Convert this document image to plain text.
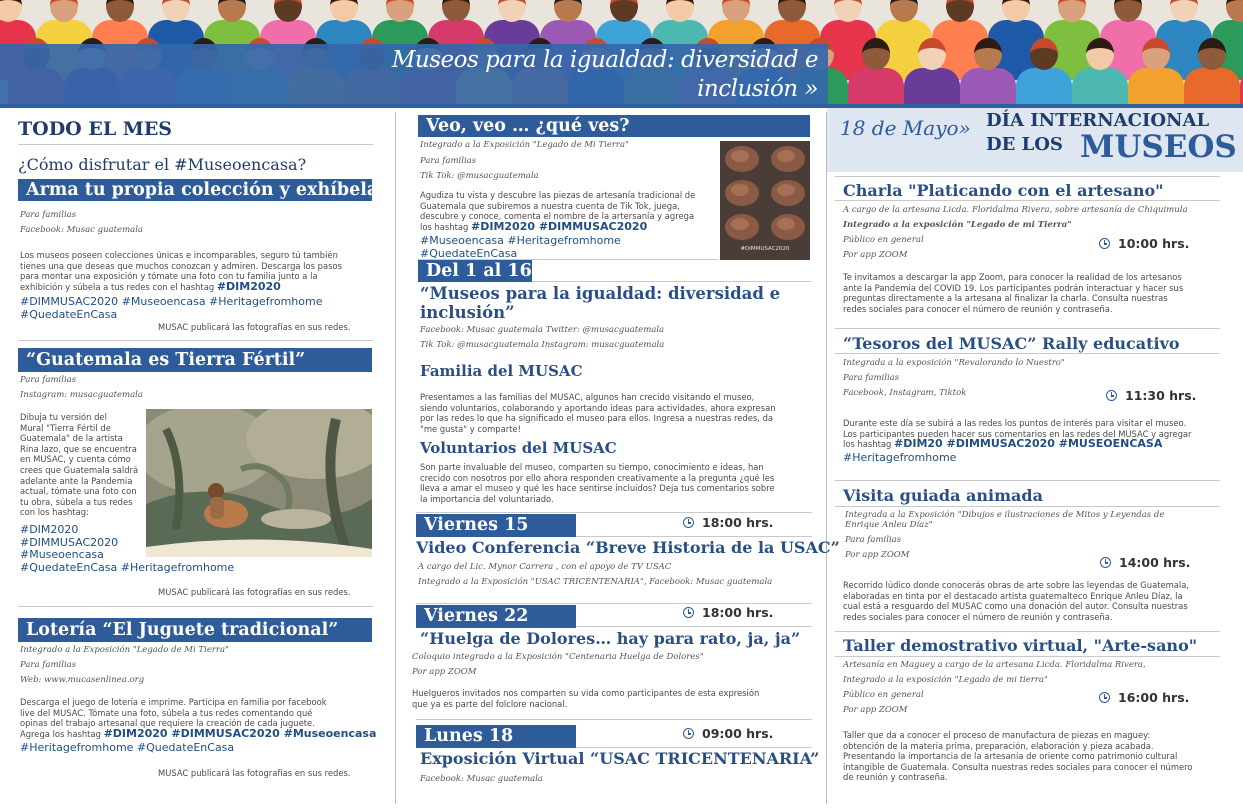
Museos para la igualdad: diversidad e
inclusión »
TODO EL MES
¿Cómo disfrutar el #Museoencasa?
Arma tu propia colección y exhíbela!
Para familias
Facebook: Musac guatemala
Los museos poseen colecciones únicas e incomparables, seguro tú también
tienes una que deseas que muchos conozcan y admiren. Descarga los pasos
para montar una exposición y tómate una foto con tu familia junto a la
exhibición y súbela a tus redes con el hashtag #DIM2020
#DIMMUSAC2020 #Museoencasa #Heritagefromhome
#QuedateEnCasa
MUSAC publicará las fotografías en sus redes.
“Guatemala es Tierra Fértil”
Para familias
Instagram: musacguatemala
Dibuja tu versión del
Mural "Tierra Fértil de
Guatemala" de la artista
Rina lazo, que se encuentra
en MUSAC, y cuenta cómo
crees que Guatemala saldrá
adelante ante la Pandemia
actual, tómate una foto con
tu obra, súbela a tus redes
con los hashtag:
#DIM2020
#DIMMUSAC2020
#Museoencasa
#QuedateEnCasa #Heritagefromhome
MUSAC publicará las fotografías en sus redes.
Lotería “El Juguete tradicional”
Integrado a la Exposición "Legado de Mi Tierra"
Para familias
Web: www.mucasenlinea.org
Descarga el juego de lotería e imprime. Participa en familia por facebook
live del MUSAC. Tómate una foto, súbela a tus redes comentando qué
opinas del trabajo artesanal que requiere la creación de cada juguete.
Agrega los hashtag #DIM2020 #DIMMUSAC2020 #Museoencasa
#Heritagefromhome #QuedateEnCasa
MUSAC publicará las fotografías en sus redes.
Veo, veo … ¿qué ves?
Integrado a la Exposición "Legado de Mi Tierra"
Para familias
Tik Tok: @musacguatemala
Agudiza tu vista y descubre las piezas de artesanía tradicional de
Guatemala que subiremos a nuestra cuenta de Tik Tok, juega,
descubre y conoce, comenta el nombre de la artersanía y agrega
los hashtag #DIM2020 #DIMMUSAC2020
#Museoencasa #Heritagefromhome #QuedateEnCasa	#DIMMUSAC2020
Del 1 al 16
“Museos para la igualdad: diversidad e
inclusión”
Facebook: Musac guatemala Twitter: @musacguatemala
Tik Tok: @musacguatemala Instagram: musacguatemala
Familia del MUSAC
Presentamos a las familias del MUSAC, algunos han crecido visitando el museo,
siendo voluntarios, colaborando y aportando ideas para actividades, ahora expresan
por las redes lo que ha significado el museo para ellos. Ingresa a nuestras redes, da
"me gusta" y comparte!
Voluntarios del MUSAC
Son parte invaluable del museo, comparten su tiempo, conocimiento e ideas, han
crecido con nosotros por ello ahora responden creativamente a la pregunta ¿qué les
lleva a amar el museo y qué les hace sentirse incluidos? Deja tus comentarios sobre
la importancia del voluntariado.
Viernes 15	18:00 hrs.
Video Conferencia “Breve Historia de la USAC”
A cargo del Lic. Mynor Carrera , con el apoyo de TV USAC
Integrado a la Exposición "USAC TRICENTENARIA", Facebook: Musac guatemala
Viernes 22	18:00 hrs.
“Huelga de Dolores… hay para rato, ja, ja”
Coloquio integrado a la Exposición "Centenaria Huelga de Dolores"
Por app ZOOM
Huelgueros invitados nos comparten su vida como participantes de esta expresión
que ya es parte del folclore nacional.
Lunes 18	09:00 hrs.
Exposición Virtual “USAC TRICENTENARIA”
Facebook: Musac guatemala
18 de Mayo» DÍA INTERNACIONAL
DE LOS MUSEOS
Charla "Platicando con el artesano"
A cargo de la artesana Licda. Floridalma Rivera, sobre artesanía de Chiquimula
Integrado a la exposición "Legado de mi Tierra"
Público en general
Por app ZOOM
10:00 hrs.
Te invitamos a descargar la app Zoom, para conocer la realidad de los artesanos
ante la Pandemia del COVID 19. Los participantes podrán interactuar y hacer sus
preguntas directamente a la artesana al finalizar la charla. Consulta nuestras
redes sociales para conocer el número de reunión y contraseña.
“Tesoros del MUSAC” Rally educativo
Integrada a la exposición "Revalorando lo Nuestro"
Para familias
Facebook, Instagram, Tiktok	11:30 hrs.
Durante este día se subirá a las redes los puntos de interés para visitar el museo.
Los participantes pueden hacer sus comentarios en las redes del MUSAC y agregar
los hashtag #DIM20 #DIMMUSAC2020 #MUSEOENCASA
#Heritagefromhome
Visita guiada animada
Integrada a la Exposición "Dibujos e ilustraciones de Mitos y Leyendas de
Enrique Anleu Díaz"
Para familias
Por app ZOOM	14:00 hrs.
Recorrido lúdico donde conocerás obras de arte sobre las leyendas de Guatemala,
elaboradas en tinta por el destacado artista guatemalteco Enrique Anleu Díaz, la
cual está a resguardo del MUSAC como una donación del autor. Consulta nuestras
redes sociales para conocer el número de reunión y contraseña.
Taller demostrativo virtual, "Arte-sano"
Artesanía en Maguey a cargo de la artesana Licda. Floridalma Rivera,
Integrado a la exposición "Legado de mi tierra"
Público en general
Por app ZOOM
16:00 hrs.
Taller que da a conocer el proceso de manufactura de piezas en maguey:
obtención de la materia prima, preparación, elaboración y pieza acabada.
Presentando la importancia de la artesanía de oriente como patrimonio cultural
intangible de Guatemala. Consulta nuestras redes sociales para conocer el número
de reunión y contraseña.
